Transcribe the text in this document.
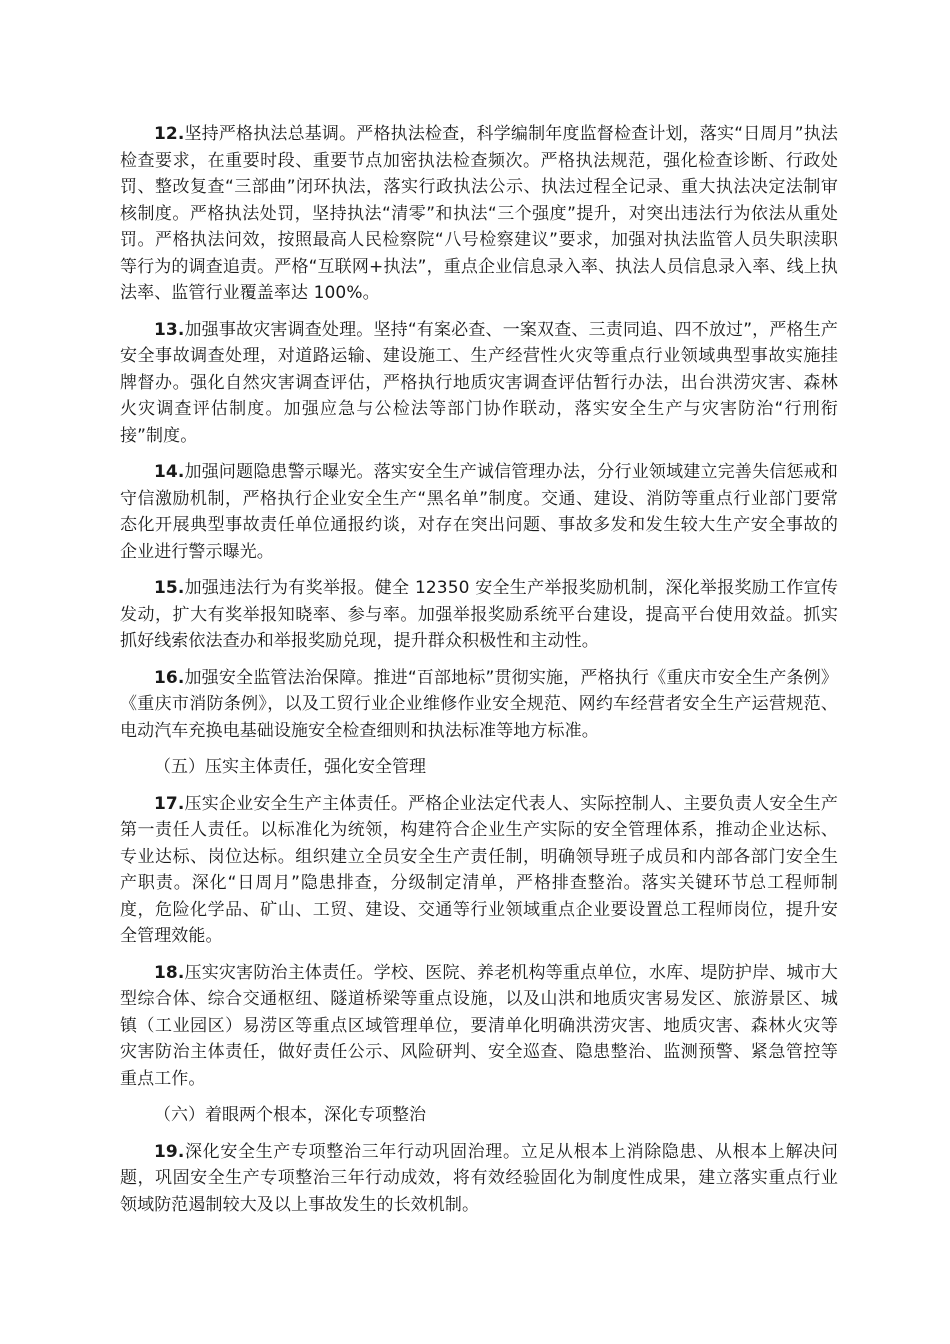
12.坚持严格执法总基调。严格执法检查，科学编制年度监督检查计划，落实“日周月”执法检查要求，在重要时段、重要节点加密执法检查频次。严格执法规范，强化检查诊断、行政处罚、整改复查“三部曲”闭环执法，落实行政执法公示、执法过程全记录、重大执法决定法制审核制度。严格执法处罚，坚持执法“清零”和执法“三个强度”提升，对突出违法行为依法从重处罚。严格执法问效，按照最高人民检察院“八号检察建议”要求，加强对执法监管人员失职渎职等行为的调查追责。严格“互联网+执法”，重点企业信息录入率、执法人员信息录入率、线上执法率、监管行业覆盖率达 100%。

13.加强事故灾害调查处理。坚持“有案必查、一案双查、三责同追、四不放过”，严格生产安全事故调查处理，对道路运输、建设施工、生产经营性火灾等重点行业领域典型事故实施挂牌督办。强化自然灾害调查评估，严格执行地质灾害调查评估暂行办法，出台洪涝灾害、森林火灾调查评估制度。加强应急与公检法等部门协作联动，落实安全生产与灾害防治“行刑衔接”制度。

14.加强问题隐患警示曝光。落实安全生产诚信管理办法，分行业领域建立完善失信惩戒和守信激励机制，严格执行企业安全生产“黑名单”制度。交通、建设、消防等重点行业部门要常态化开展典型事故责任单位通报约谈，对存在突出问题、事故多发和发生较大生产安全事故的企业进行警示曝光。

15.加强违法行为有奖举报。健全 12350 安全生产举报奖励机制，深化举报奖励工作宣传发动，扩大有奖举报知晓率、参与率。加强举报奖励系统平台建设，提高平台使用效益。抓实抓好线索依法查办和举报奖励兑现，提升群众积极性和主动性。

16.加强安全监管法治保障。推进“百部地标”贯彻实施，严格执行《重庆市安全生产条例》《重庆市消防条例》，以及工贸行业企业维修作业安全规范、网约车经营者安全生产运营规范、电动汽车充换电基础设施安全检查细则和执法标准等地方标准。

（五）压实主体责任，强化安全管理

17.压实企业安全生产主体责任。严格企业法定代表人、实际控制人、主要负责人安全生产第一责任人责任。以标准化为统领，构建符合企业生产实际的安全管理体系，推动企业达标、专业达标、岗位达标。组织建立全员安全生产责任制，明确领导班子成员和内部各部门安全生产职责。深化“日周月”隐患排查，分级制定清单，严格排查整治。落实关键环节总工程师制度，危险化学品、矿山、工贸、建设、交通等行业领域重点企业要设置总工程师岗位，提升安全管理效能。

18.压实灾害防治主体责任。学校、医院、养老机构等重点单位，水库、堤防护岸、城市大型综合体、综合交通枢纽、隧道桥梁等重点设施，以及山洪和地质灾害易发区、旅游景区、城镇（工业园区）易涝区等重点区域管理单位，要清单化明确洪涝灾害、地质灾害、森林火灾等灾害防治主体责任，做好责任公示、风险研判、安全巡查、隐患整治、监测预警、紧急管控等重点工作。

（六）着眼两个根本，深化专项整治

19.深化安全生产专项整治三年行动巩固治理。立足从根本上消除隐患、从根本上解决问题，巩固安全生产专项整治三年行动成效，将有效经验固化为制度性成果，建立落实重点行业领域防范遏制较大及以上事故发生的长效机制。
